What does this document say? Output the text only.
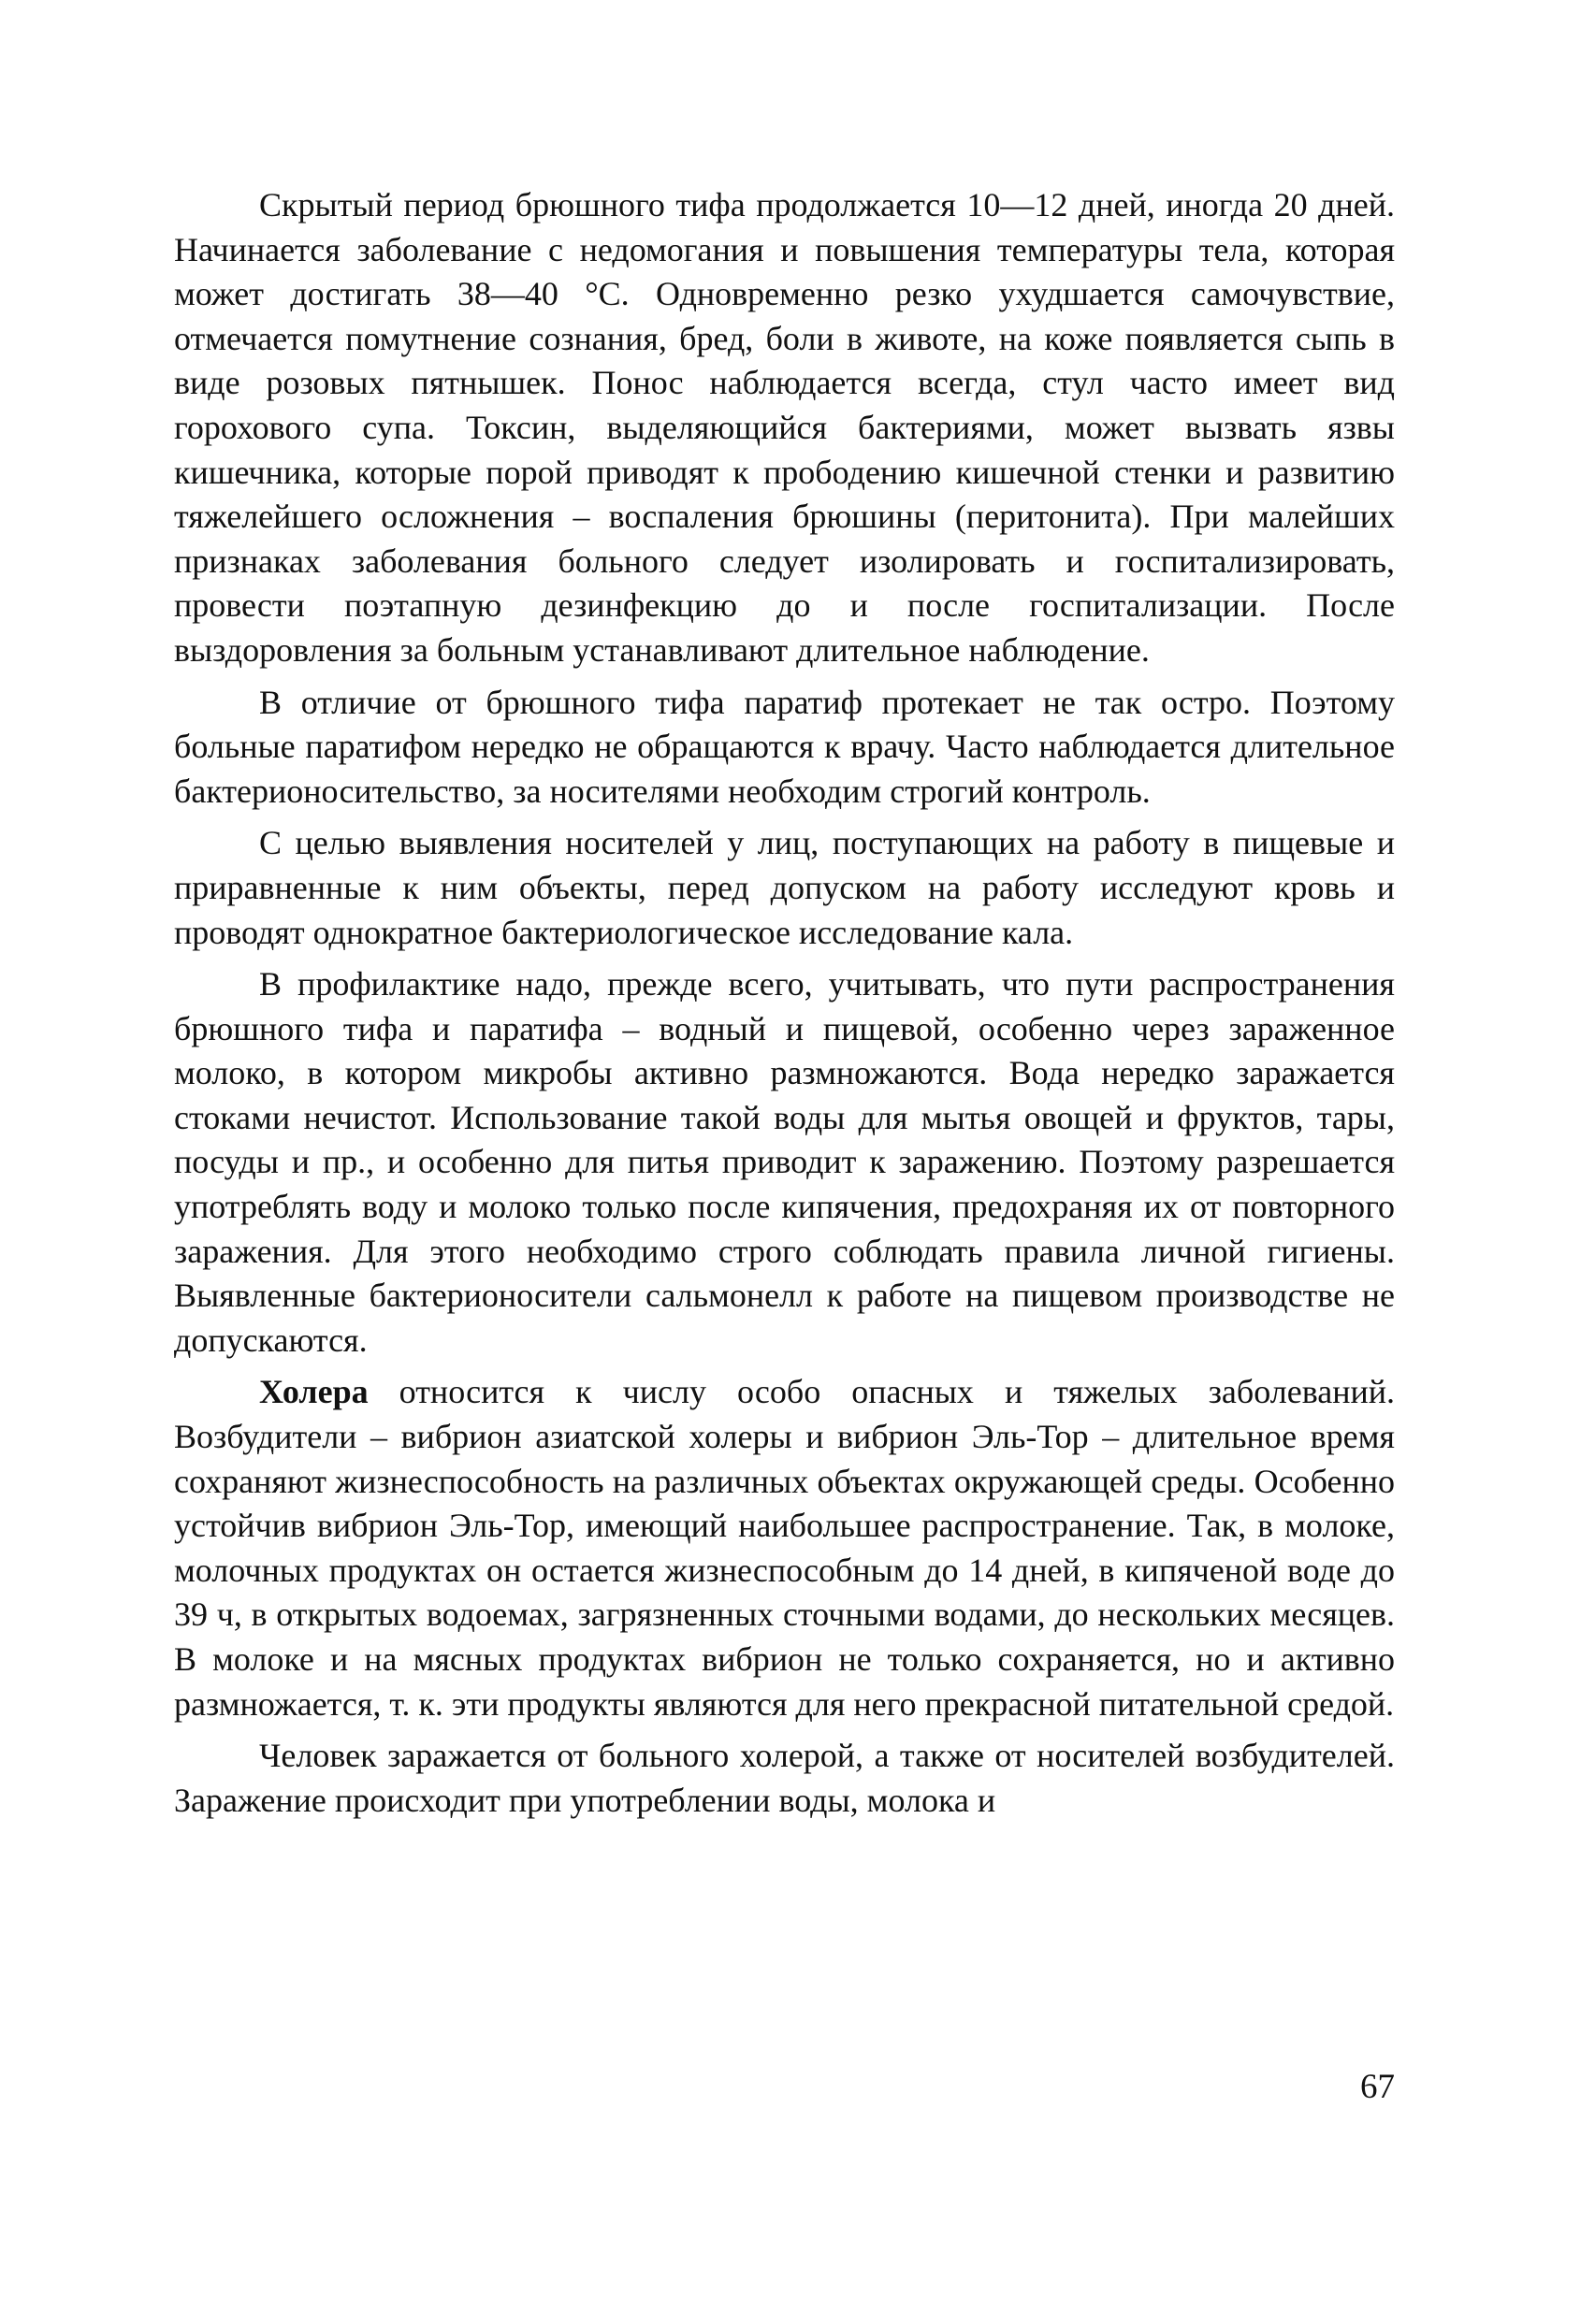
Скрытый период брюшного тифа продолжается 10—12 дней, иногда 20 дней. Начинается заболевание с недомогания и повышения температуры тела, которая может достигать 38—40 °С. Одновременно резко ухудшается самочувствие, отмечается помутнение сознания, бред, боли в животе, на коже появляется сыпь в виде розовых пятнышек. Понос наблюдается всегда, стул часто имеет вид горохового супа. Токсин, выделяющийся бактериями, может вызвать язвы кишечника, которые порой приводят к прободению кишечной стенки и развитию тяжелейшего осложнения – воспаления брюшины (перитонита). При малейших признаках заболевания больного следует изолировать и госпитализировать, провести поэтапную дезинфекцию до и после госпитализации. После выздоровления за больным устанавливают длительное наблюдение.

В отличие от брюшного тифа паратиф протекает не так остро. Поэтому больные паратифом нередко не обращаются к врачу. Часто наблюдается длительное бактерионосительство, за носителями необходим строгий контроль.

С целью выявления носителей у лиц, поступающих на работу в пищевые и приравненные к ним объекты, перед допуском на работу исследуют кровь и проводят однократное бактериологическое исследование кала.

В профилактике надо, прежде всего, учитывать, что пути распространения брюшного тифа и паратифа – водный и пищевой, особенно через зараженное молоко, в котором микробы активно размножаются. Вода нередко заражается стоками нечистот. Использование такой воды для мытья овощей и фруктов, тары, посуды и пр., и особенно для питья приводит к заражению. Поэтому разрешается употреблять воду и молоко только после кипячения, предохраняя их от повторного заражения. Для этого необходимо строго соблюдать правила личной гигиены. Выявленные бактерионосители сальмонелл к работе на пищевом производстве не допускаются.

Холера относится к числу особо опасных и тяжелых заболеваний. Возбудители – вибрион азиатской холеры и вибрион Эль-Тор – длительное время сохраняют жизнеспособность на различных объектах окружающей среды. Особенно устойчив вибрион Эль-Тор, имеющий наибольшее распространение. Так, в молоке, молочных продуктах он остается жизнеспособным до 14 дней, в кипяченой воде до 39 ч, в открытых водоемах, загрязненных сточными водами, до нескольких месяцев. В молоке и на мясных продуктах вибрион не только сохраняется, но и активно размножается, т. к. эти продукты являются для него прекрасной питательной средой.

Человек заражается от больного холерой, а также от носителей возбудителей. Заражение происходит при употреблении воды, молока и

67
